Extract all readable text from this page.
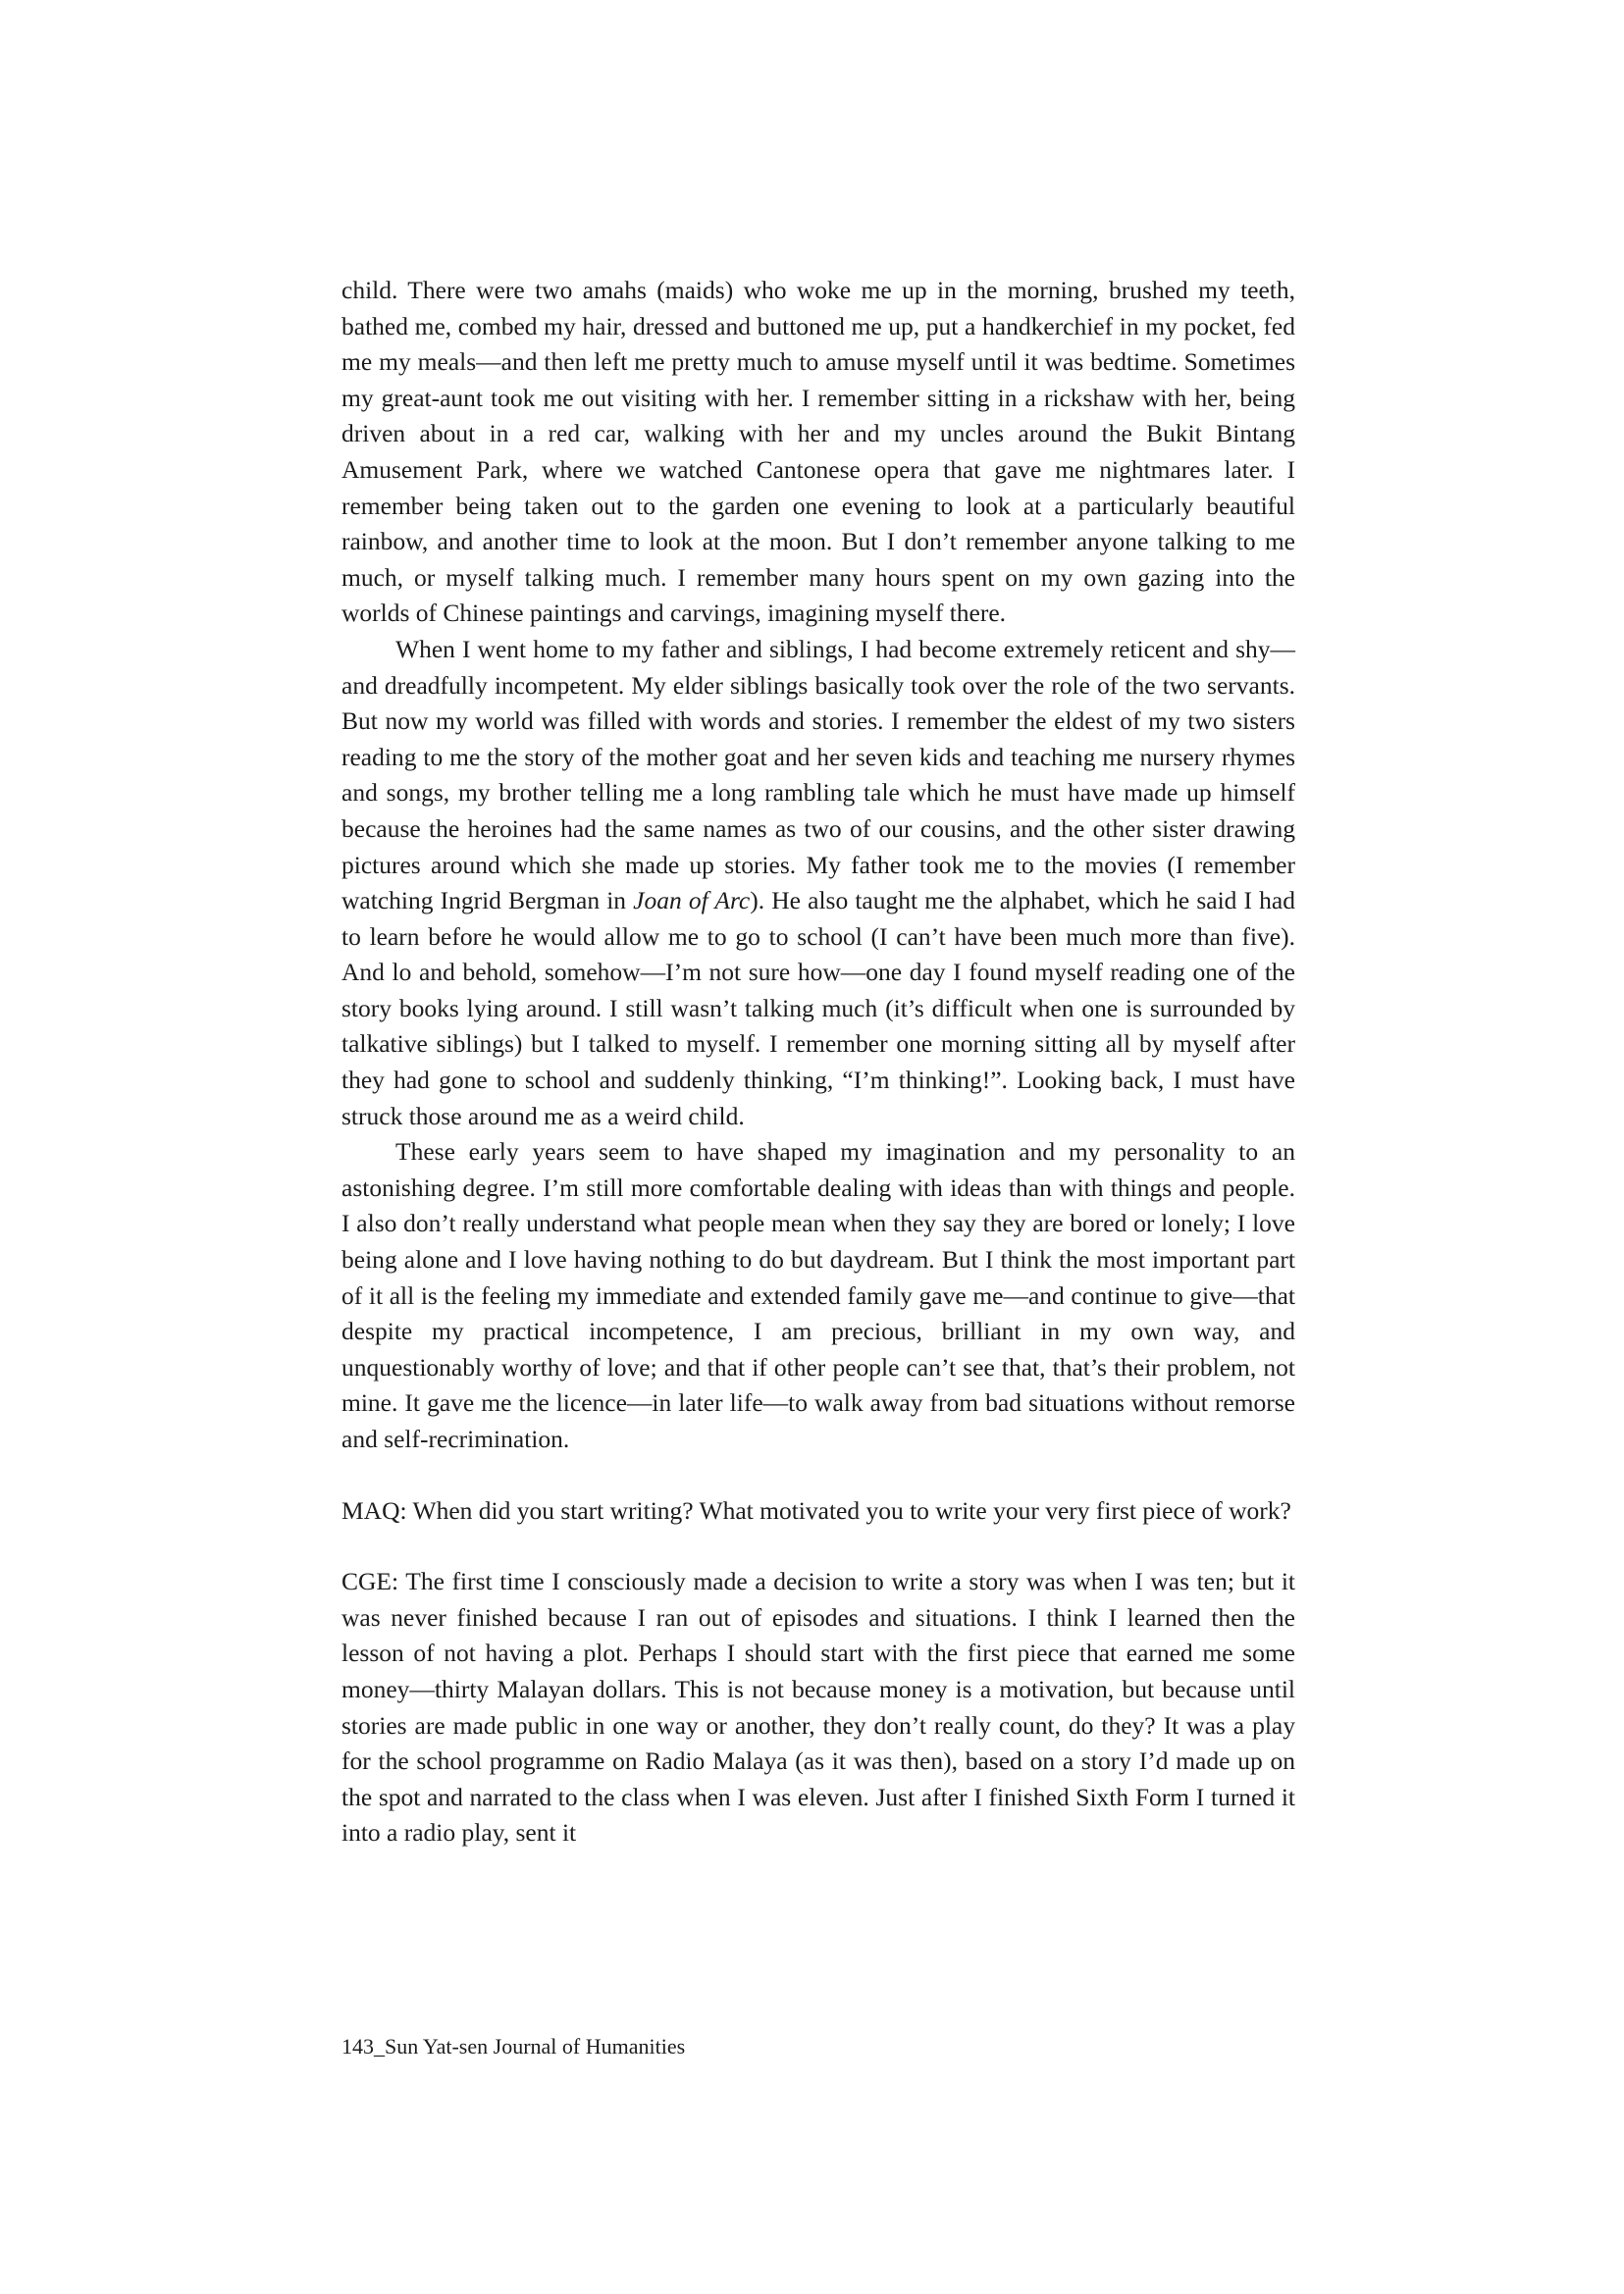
child. There were two amahs (maids) who woke me up in the morning, brushed my teeth, bathed me, combed my hair, dressed and buttoned me up, put a handkerchief in my pocket, fed me my meals—and then left me pretty much to amuse myself until it was bedtime. Sometimes my great-aunt took me out visiting with her. I remember sitting in a rickshaw with her, being driven about in a red car, walking with her and my uncles around the Bukit Bintang Amusement Park, where we watched Cantonese opera that gave me nightmares later. I remember being taken out to the garden one evening to look at a particularly beautiful rainbow, and another time to look at the moon. But I don’t remember anyone talking to me much, or myself talking much. I remember many hours spent on my own gazing into the worlds of Chinese paintings and carvings, imagining myself there.

When I went home to my father and siblings, I had become extremely reticent and shy—and dreadfully incompetent. My elder siblings basically took over the role of the two servants. But now my world was filled with words and stories. I remember the eldest of my two sisters reading to me the story of the mother goat and her seven kids and teaching me nursery rhymes and songs, my brother telling me a long rambling tale which he must have made up himself because the heroines had the same names as two of our cousins, and the other sister drawing pictures around which she made up stories. My father took me to the movies (I remember watching Ingrid Bergman in Joan of Arc). He also taught me the alphabet, which he said I had to learn before he would allow me to go to school (I can’t have been much more than five). And lo and behold, somehow—I’m not sure how—one day I found myself reading one of the story books lying around. I still wasn’t talking much (it’s difficult when one is surrounded by talkative siblings) but I talked to myself. I remember one morning sitting all by myself after they had gone to school and suddenly thinking, “I’m thinking!”. Looking back, I must have struck those around me as a weird child.

These early years seem to have shaped my imagination and my personality to an astonishing degree. I’m still more comfortable dealing with ideas than with things and people. I also don’t really understand what people mean when they say they are bored or lonely; I love being alone and I love having nothing to do but daydream. But I think the most important part of it all is the feeling my immediate and extended family gave me—and continue to give—that despite my practical incompetence, I am precious, brilliant in my own way, and unquestionably worthy of love; and that if other people can’t see that, that’s their problem, not mine. It gave me the licence—in later life—to walk away from bad situations without remorse and self-recrimination.

MAQ: When did you start writing? What motivated you to write your very first piece of work?

CGE: The first time I consciously made a decision to write a story was when I was ten; but it was never finished because I ran out of episodes and situations. I think I learned then the lesson of not having a plot. Perhaps I should start with the first piece that earned me some money—thirty Malayan dollars. This is not because money is a motivation, but because until stories are made public in one way or another, they don’t really count, do they? It was a play for the school programme on Radio Malaya (as it was then), based on a story I’d made up on the spot and narrated to the class when I was eleven. Just after I finished Sixth Form I turned it into a radio play, sent it

143_Sun Yat-sen Journal of Humanities
